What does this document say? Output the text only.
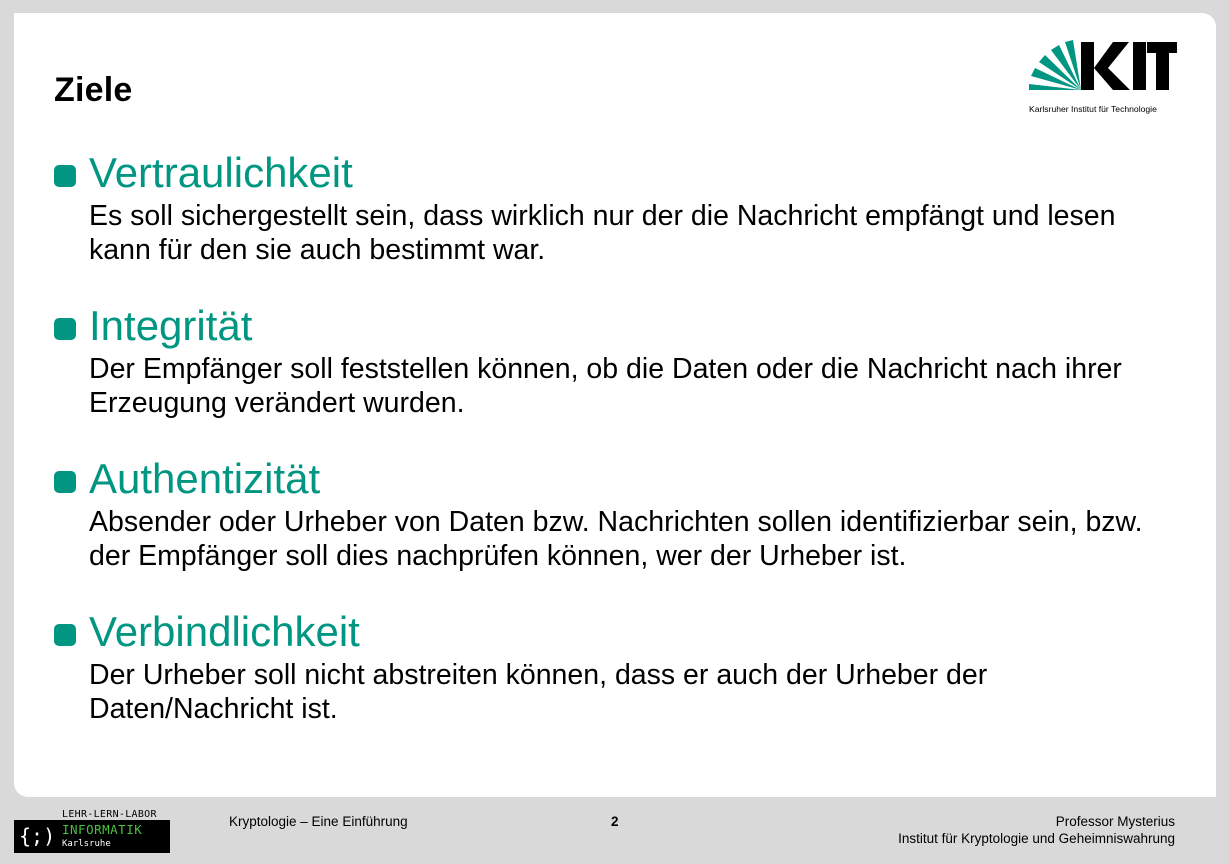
Ziele	Karlsruher Institut für Technologie
Vertraulichkeit
Es soll sichergestellt sein, dass wirklich nur der die Nachricht empfängt und lesen kann für den sie auch bestimmt war.
Integrität
Der Empfänger soll feststellen können, ob die Daten oder die Nachricht nach ihrer Erzeugung verändert wurden.
Authentizität
Absender oder Urheber von Daten bzw. Nachrichten sollen identifizierbar sein, bzw. der Empfänger soll dies nachprüfen können, wer der Urheber ist.
Verbindlichkeit
Der Urheber soll nicht abstreiten können, dass er auch der Urheber der Daten/Nachricht ist.
LEHR-LERN-LABOR
{;) INFORMATIK
Karlsruhe
Kryptologie – Eine Einführung	2	Professor Mysterius
Institut für Kryptologie und Geheimniswahrung
